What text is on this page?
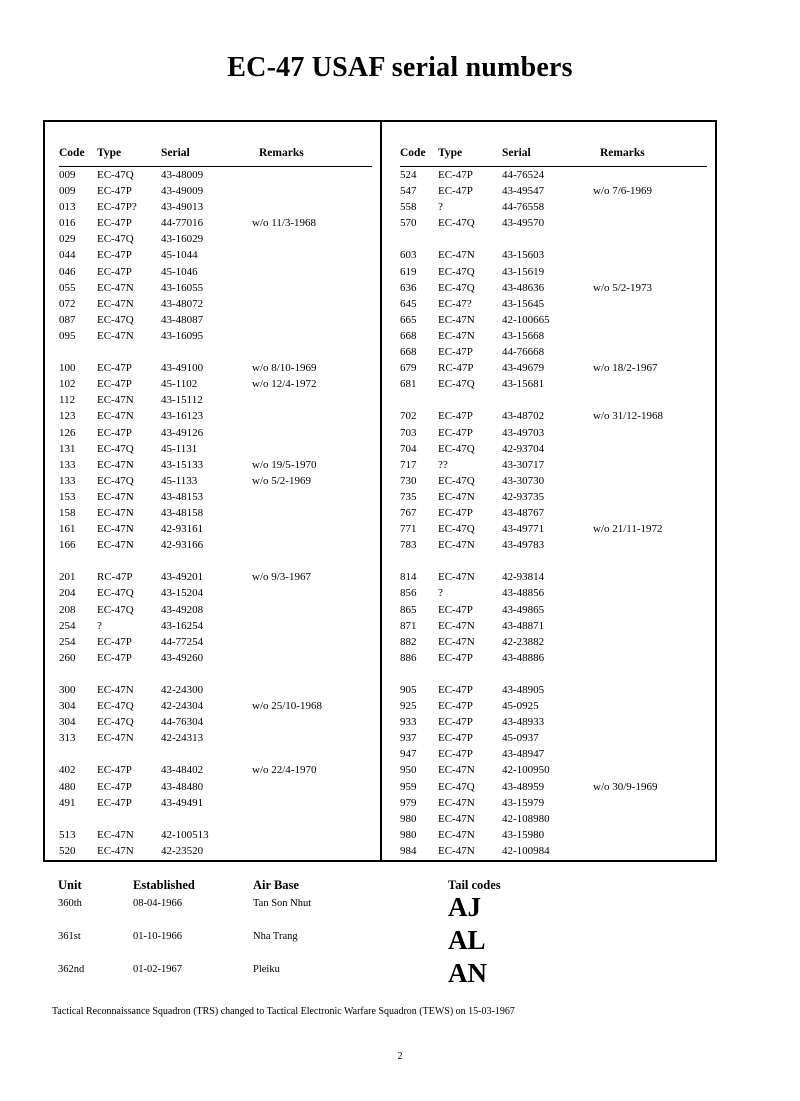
EC-47 USAF serial numbers
Code Type	Serial	Remarks
009 EC-47Q 43-48009
009 EC-47P	43-49009
013 EC-47P? 43-49013
016 EC-47P	44-77016	w/o 11/3-1968
029 EC-47Q 43-16029
044 EC-47P	45-1044
046 EC-47P	45-1046
055 EC-47N 43-16055
072 EC-47N 43-48072
087 EC-47Q 43-48087
095 EC-47N 43-16095
100 EC-47P	43-49100	w/o 8/10-1969
102 EC-47P	45-1102	w/o 12/4-1972
112 EC-47N 43-15112
123 EC-47N 43-16123
126 EC-47P	43-49126
131 EC-47Q 45-1131
133 EC-47N 43-15133	w/o 19/5-1970
133 EC-47Q 45-1133	w/o 5/2-1969
153 EC-47N 43-48153
158 EC-47N 43-48158
161 EC-47N 42-93161
166 EC-47N 42-93166
201 RC-47P	43-49201	w/o 9/3-1967
204 EC-47Q 43-15204
208 EC-47Q 43-49208
254 ?	43-16254
254 EC-47P	44-77254
260 EC-47P	43-49260
300 EC-47N 42-24300
304 EC-47Q 42-24304	w/o 25/10-1968
304 EC-47Q 44-76304
313 EC-47N 42-24313
402 EC-47P	43-48402	w/o 22/4-1970
480 EC-47P	43-48480
491 EC-47P	43-49491
513 EC-47N 42-100513
520 EC-47N 42-23520
Code Type	Serial	Remarks
524 EC-47P	44-76524
547 EC-47P	43-49547	w/o 7/6-1969
558 ?	44-76558
570 EC-47Q 43-49570
603 EC-47N 43-15603
619 EC-47Q 43-15619
636 EC-47Q 43-48636	w/o 5/2-1973
645 EC-47?	43-15645
665 EC-47N 42-100665
668 EC-47N 43-15668
668 EC-47P	44-76668
679 RC-47P	43-49679	w/o 18/2-1967
681 EC-47Q 43-15681
702 EC-47P	43-48702	w/o 31/12-1968
703 EC-47P	43-49703
704 EC-47Q 42-93704
717 ??	43-30717
730 EC-47Q 43-30730
735 EC-47N 42-93735
767 EC-47P	43-48767
771 EC-47Q 43-49771	w/o 21/11-1972
783 EC-47N 43-49783
814 EC-47N 42-93814
856 ?	43-48856
865 EC-47P	43-49865
871 EC-47N 43-48871
882 EC-47N 42-23882
886 EC-47P	43-48886
905 EC-47P	43-48905
925 EC-47P	45-0925
933 EC-47P	43-48933
937 EC-47P	45-0937
947 EC-47P	43-48947
950 EC-47N 42-100950
959 EC-47Q 43-48959	w/o 30/9-1969
979 EC-47N 43-15979
980 EC-47N 42-108980
980 EC-47N 43-15980
984 EC-47N 42-100984
Unit	Established	Air Base	Tail codes
360th	08-04-1966	Tan Son Nhut	AJ
361st	01-10-1966	Nha Trang	AL
362nd	01-02-1967	Pleiku	AN
Tactical Reconnaissance Squadron (TRS) changed to Tactical Electronic Warfare Squadron (TEWS) on 15-03-1967
2
